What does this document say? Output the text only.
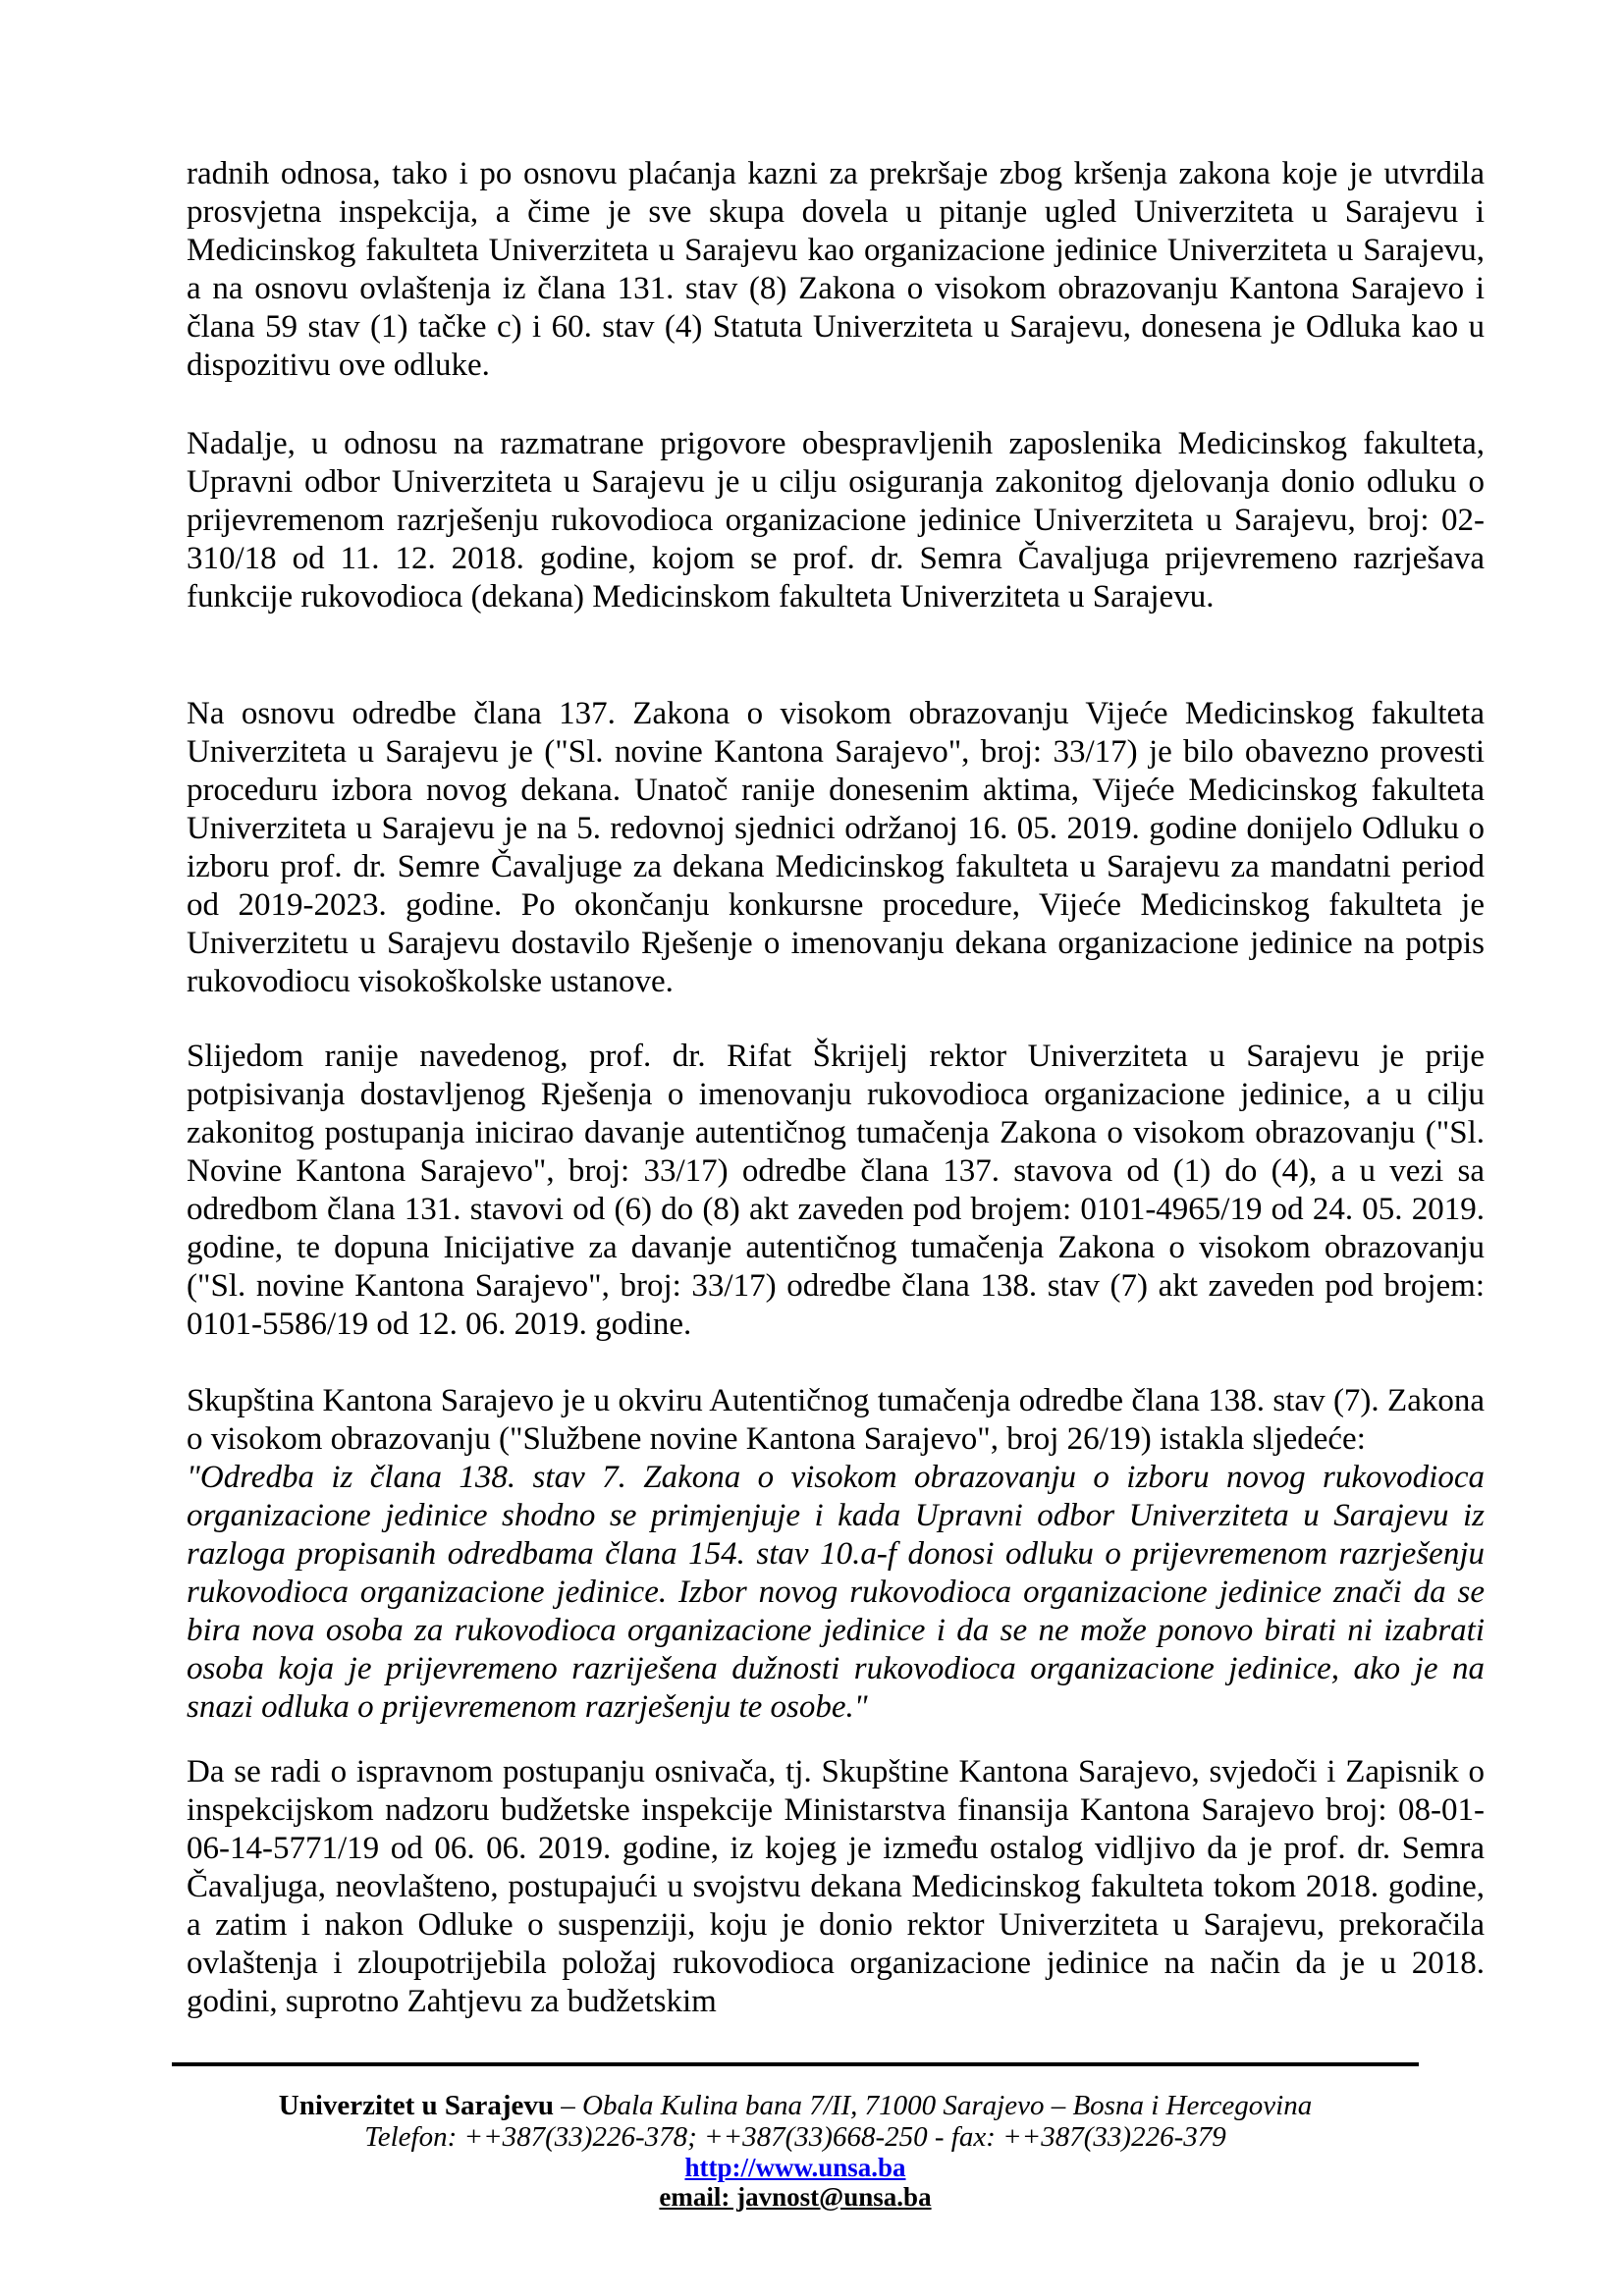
radnih odnosa, tako i po osnovu plaćanja kazni za prekršaje zbog kršenja zakona koje je utvrdila prosvjetna inspekcija, a čime je sve skupa dovela u pitanje ugled Univerziteta u Sarajevu i Medicinskog fakulteta Univerziteta u Sarajevu kao organizacione jedinice Univerziteta u Sarajevu, a na osnovu ovlaštenja iz člana 131. stav (8) Zakona o visokom obrazovanju Kantona Sarajevo i člana 59 stav (1) tačke c) i 60. stav (4) Statuta Univerziteta u Sarajevu, donesena je Odluka kao u dispozitivu ove odluke.

Nadalje, u odnosu na razmatrane prigovore obespravljenih zaposlenika Medicinskog fakulteta, Upravni odbor Univerziteta u Sarajevu je u cilju osiguranja zakonitog djelovanja donio odluku o prijevremenom razrješenju rukovodioca organizacione jedinice Univerziteta u Sarajevu, broj: 02-310/18 od 11. 12. 2018. godine, kojom se prof. dr. Semra Čavaljuga prijevremeno razrješava funkcije rukovodioca (dekana) Medicinskom fakulteta Univerziteta u Sarajevu.

Na osnovu odredbe člana 137. Zakona o visokom obrazovanju Vijeće Medicinskog fakulteta Univerziteta u Sarajevu je ("Sl. novine Kantona Sarajevo", broj: 33/17) je bilo obavezno provesti proceduru izbora novog dekana. Unatoč ranije donesenim aktima, Vijeće Medicinskog fakulteta Univerziteta u Sarajevu je na 5. redovnoj sjednici održanoj 16. 05. 2019. godine donijelo Odluku o izboru prof. dr. Semre Čavaljuge za dekana Medicinskog fakulteta u Sarajevu za mandatni period od 2019-2023. godine. Po okončanju konkursne procedure, Vijeće Medicinskog fakulteta je Univerzitetu u Sarajevu dostavilo Rješenje o imenovanju dekana organizacione jedinice na potpis rukovodiocu visokoškolske ustanove.

Slijedom ranije navedenog, prof. dr. Rifat Škrijelj rektor Univerziteta u Sarajevu je prije potpisivanja dostavljenog Rješenja o imenovanju rukovodioca organizacione jedinice, a u cilju zakonitog postupanja inicirao davanje autentičnog tumačenja Zakona o visokom obrazovanju ("Sl. Novine Kantona Sarajevo", broj: 33/17) odredbe člana 137. stavova od (1) do (4), a u vezi sa odredbom člana 131. stavovi od (6) do (8) akt zaveden pod brojem: 0101-4965/19 od 24. 05. 2019. godine, te dopuna Inicijative za davanje autentičnog tumačenja Zakona o visokom obrazovanju ("Sl. novine Kantona Sarajevo", broj: 33/17) odredbe člana 138. stav (7) akt zaveden pod brojem: 0101-5586/19 od 12. 06. 2019. godine.

Skupština Kantona Sarajevo je u okviru Autentičnog tumačenja odredbe člana 138. stav (7). Zakona o visokom obrazovanju ("Službene novine Kantona Sarajevo", broj 26/19) istakla sljedeće:

"Odredba iz člana 138. stav 7. Zakona o visokom obrazovanju o izboru novog rukovodioca organizacione jedinice shodno se primjenjuje i kada Upravni odbor Univerziteta u Sarajevu iz razloga propisanih odredbama člana 154. stav 10.a-f donosi odluku o prijevremenom razrješenju rukovodioca organizacione jedinice. Izbor novog rukovodioca organizacione jedinice znači da se bira nova osoba za rukovodioca organizacione jedinice i da se ne može ponovo birati ni izabrati osoba koja je prijevremeno razriješena dužnosti rukovodioca organizacione jedinice, ako je na snazi odluka o prijevremenom razrješenju te osobe."

Da se radi o ispravnom postupanju osnivača, tj. Skupštine Kantona Sarajevo, svjedoči i Zapisnik o inspekcijskom nadzoru budžetske inspekcije Ministarstva finansija Kantona Sarajevo broj: 08-01-06-14-5771/19 od 06. 06. 2019. godine, iz kojeg je između ostalog vidljivo da je prof. dr. Semra Čavaljuga, neovlašteno, postupajući u svojstvu dekana Medicinskog fakulteta tokom 2018. godine, a zatim i nakon Odluke o suspenziji, koju je donio rektor Univerziteta u Sarajevu, prekoračila ovlaštenja i zloupotrijebila položaj rukovodioca organizacione jedinice na način da je u 2018. godini, suprotno Zahtjevu za budžetskim

Univerzitet u Sarajevu – Obala Kulina bana 7/II, 71000 Sarajevo – Bosna i Hercegovina
Telefon: ++387(33)226-378; ++387(33)668-250 - fax: ++387(33)226-379
http://www.unsa.ba
email: javnost@unsa.ba
